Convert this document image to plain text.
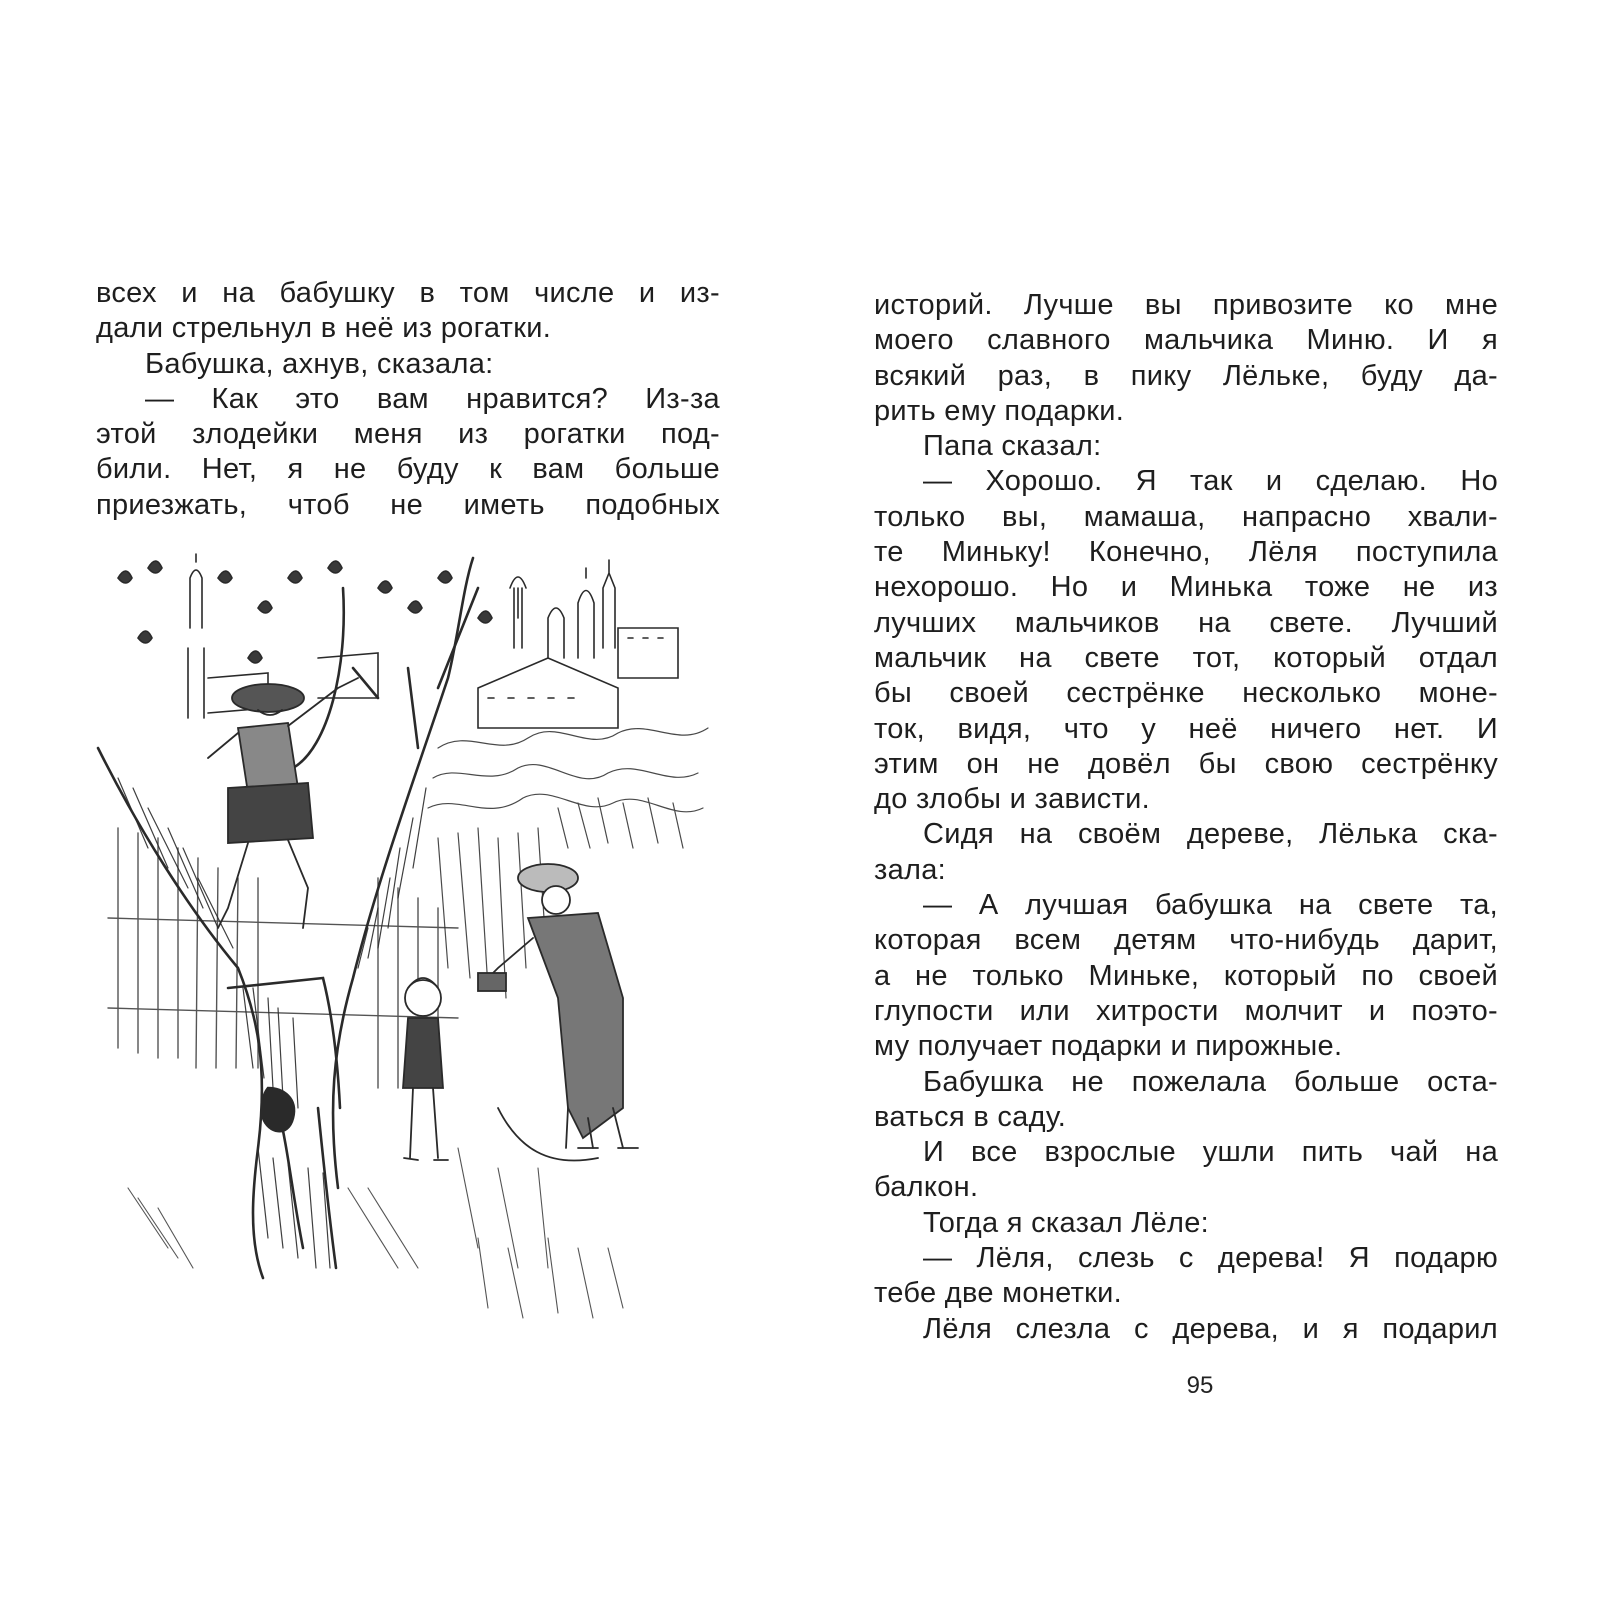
всех и на бабушку в том числе и из-
дали стрельнул в неё из рогатки.
Бабушка, ахнув, сказала:
— Как это вам нравится? Из-за
этой злодейки меня из рогатки под-
били. Нет, я не буду к вам больше
приезжать, чтоб не иметь подобных
историй. Лучше вы привозите ко мне
моего славного мальчика Миню. И я
всякий раз, в пику Лёльке, буду да-
рить ему подарки.
Папа сказал:
— Хорошо. Я так и сделаю. Но
только вы, мамаша, напрасно хвали-
те Миньку! Конечно, Лёля поступила
нехорошо. Но и Минька тоже не из
лучших мальчиков на свете. Лучший
мальчик на свете тот, который отдал
бы своей сестрёнке несколько моне-
ток, видя, что у неё ничего нет. И
этим он не довёл бы свою сестрёнку
до злобы и зависти.
Сидя на своём дереве, Лёлька ска-
зала:
— А лучшая бабушка на свете та,
которая всем детям что-нибудь дарит,
а не только Миньке, который по своей
глупости или хитрости молчит и поэто-
му получает подарки и пирожные.
Бабушка не пожелала больше оста-
ваться в саду.
И все взрослые ушли пить чай на
балкон.
Тогда я сказал Лёле:
— Лёля, слезь с дерева! Я подарю
тебе две монетки.
Лёля слезла с дерева, и я подарил
95
